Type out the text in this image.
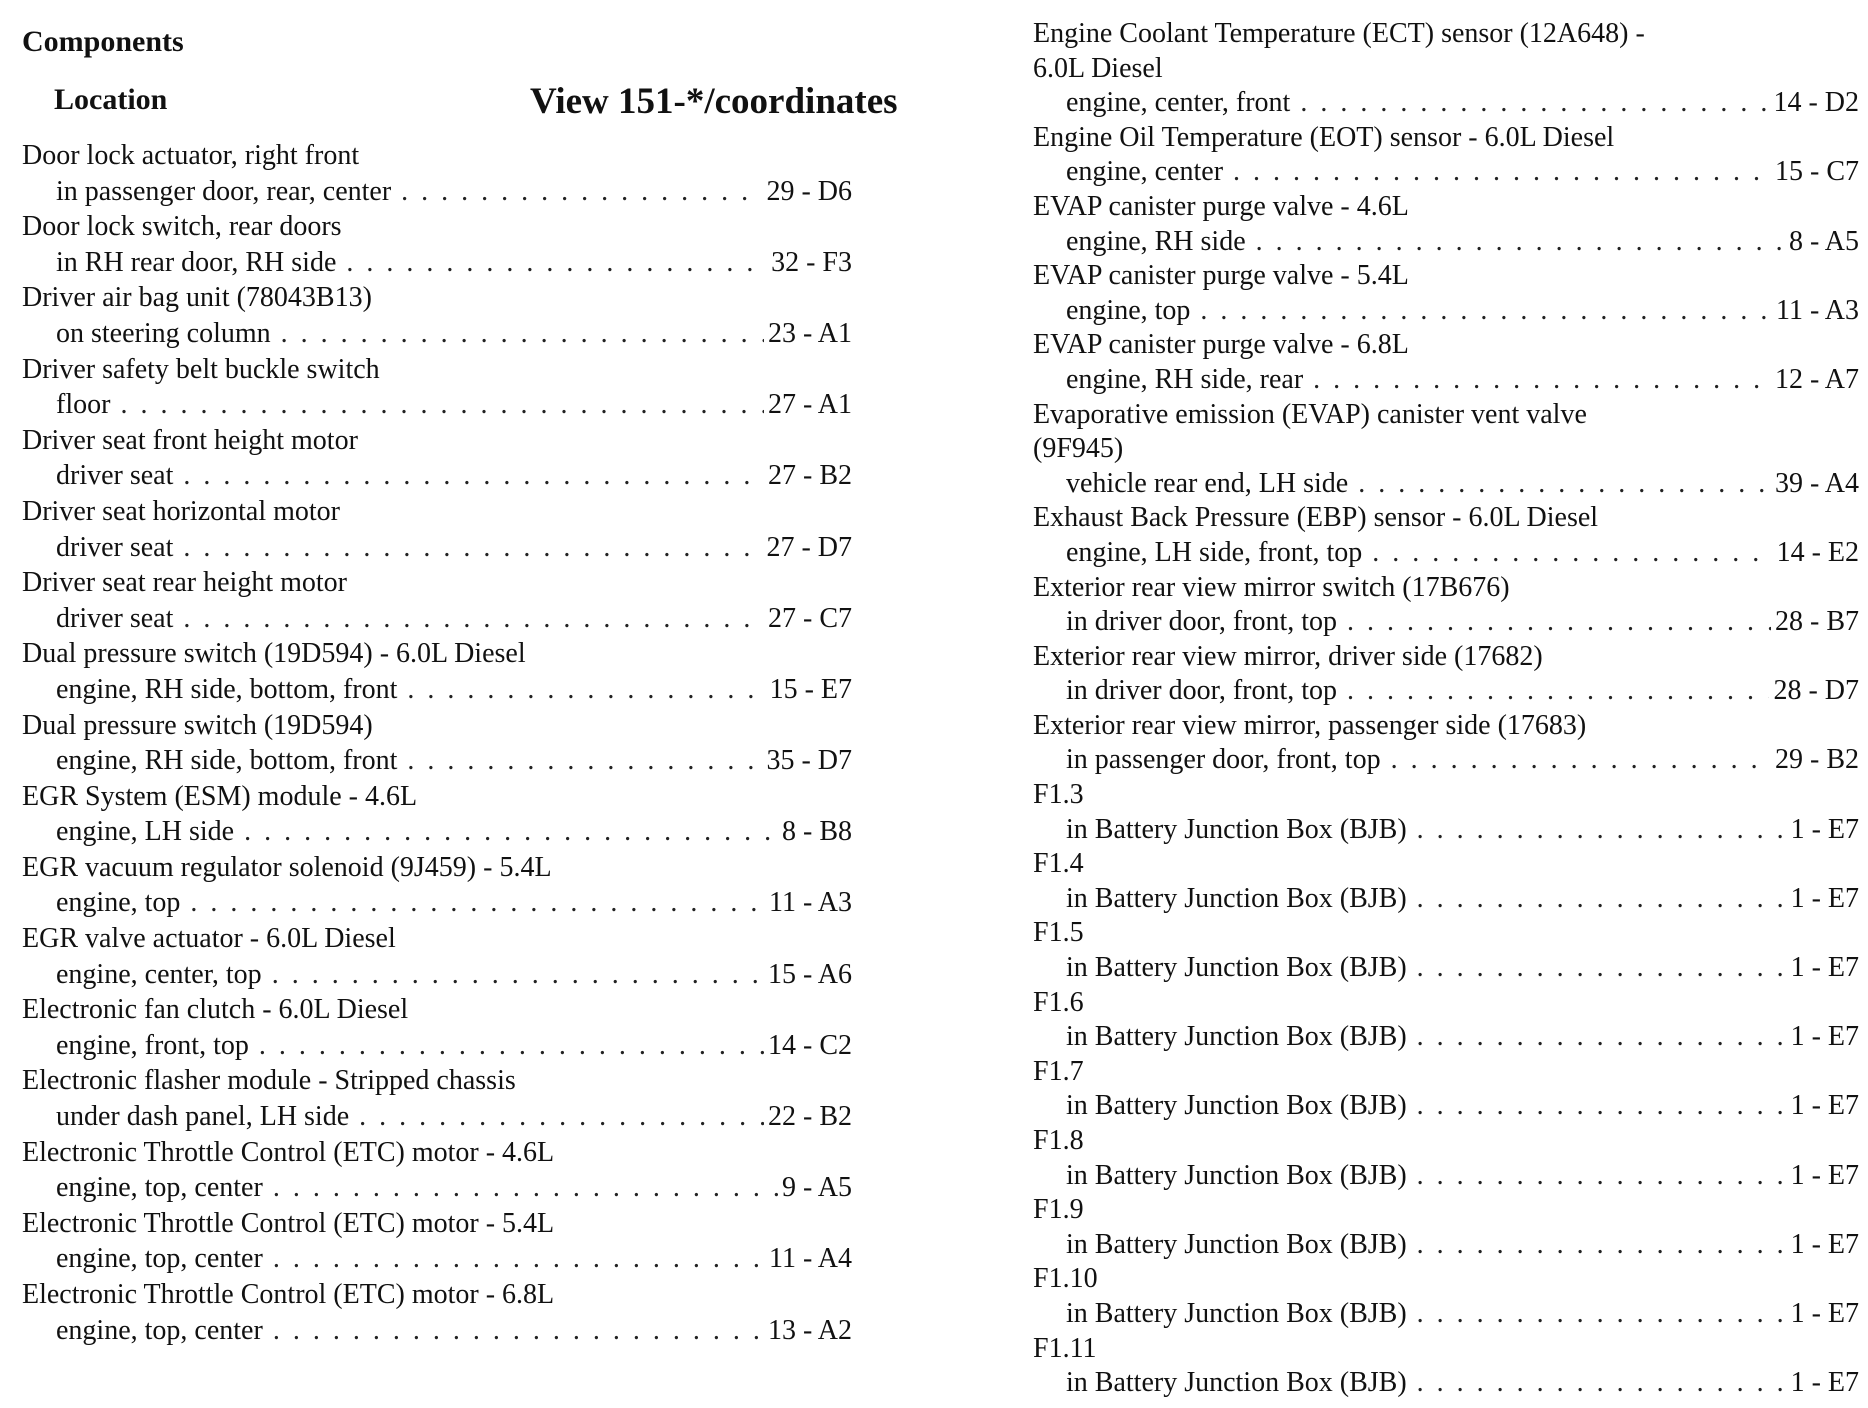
Components
Location	View 151-*/coordinates
Door lock actuator, right front
in passenger door, rear, center . . .	29 - D6
Door lock switch, rear doors
in RH rear door, RH side . . .	32 - F3
Driver air bag unit (78043B13)
on steering column . . .	23 - A1
Driver safety belt buckle switch
floor . . .	27 - A1
Driver seat front height motor
driver seat . . .	27 - B2
Driver seat horizontal motor
driver seat . . .	27 - D7
Driver seat rear height motor
driver seat . . .	27 - C7
Dual pressure switch (19D594) - 6.0L Diesel
engine, RH side, bottom, front . . .	15 - E7
Dual pressure switch (19D594)
engine, RH side, bottom, front . . .	35 - D7
EGR System (ESM) module - 4.6L
engine, LH side . . .	8 - B8
EGR vacuum regulator solenoid (9J459) - 5.4L
engine, top . . .	11 - A3
EGR valve actuator - 6.0L Diesel
engine, center, top . . .	15 - A6
Electronic fan clutch - 6.0L Diesel
engine, front, top . . .	14 - C2
Electronic flasher module - Stripped chassis
under dash panel, LH side . . .	22 - B2
Electronic Throttle Control (ETC) motor - 4.6L
engine, top, center . . .	9 - A5
Electronic Throttle Control (ETC) motor - 5.4L
engine, top, center . . .	11 - A4
Electronic Throttle Control (ETC) motor - 6.8L
engine, top, center . . .	13 - A2
Engine Coolant Temperature (ECT) sensor (12A648) -
6.0L Diesel
engine, center, front . . .	14 - D2
Engine Oil Temperature (EOT) sensor - 6.0L Diesel
engine, center . . .	15 - C7
EVAP canister purge valve - 4.6L
engine, RH side . . .	8 - A5
EVAP canister purge valve - 5.4L
engine, top . . .	11 - A3
EVAP canister purge valve - 6.8L
engine, RH side, rear . . .	12 - A7
Evaporative emission (EVAP) canister vent valve
(9F945)
vehicle rear end, LH side . . .	39 - A4
Exhaust Back Pressure (EBP) sensor - 6.0L Diesel
engine, LH side, front, top . . .	14 - E2
Exterior rear view mirror switch (17B676)
in driver door, front, top . . .	28 - B7
Exterior rear view mirror, driver side (17682)
in driver door, front, top . . .	28 - D7
Exterior rear view mirror, passenger side (17683)
in passenger door, front, top . . .	29 - B2
F1.3
in Battery Junction Box (BJB) . . .	1 - E7
F1.4
in Battery Junction Box (BJB) . . .	1 - E7
F1.5
in Battery Junction Box (BJB) . . .	1 - E7
F1.6
in Battery Junction Box (BJB) . . .	1 - E7
F1.7
in Battery Junction Box (BJB) . . .	1 - E7
F1.8
in Battery Junction Box (BJB) . . .	1 - E7
F1.9
in Battery Junction Box (BJB) . . .	1 - E7
F1.10
in Battery Junction Box (BJB) . . .	1 - E7
F1.11
in Battery Junction Box (BJB) . . .	1 - E7
